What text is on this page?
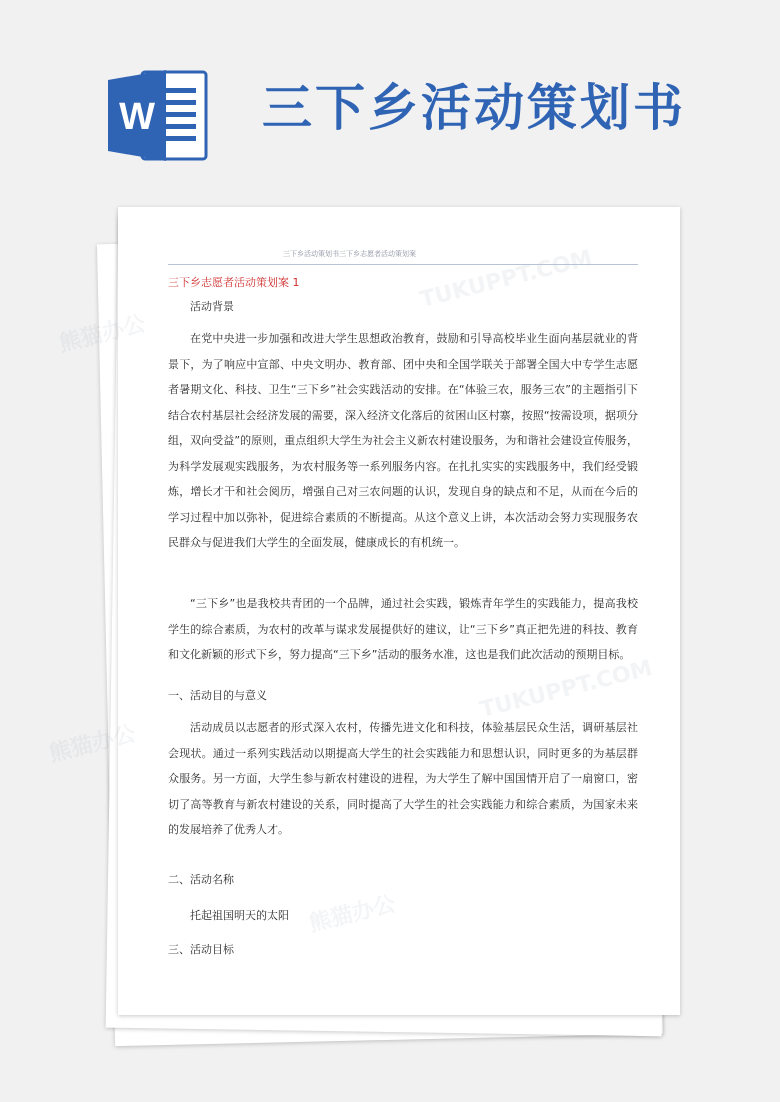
W 三下乡活动策划书
TUKUPPT.COM
熊猫办公
TUKUPPT.COM
熊猫办公
三下乡活动策划书三下乡志愿者活动策划案
三下乡志愿者活动策划案 1
活动背景

在党中央进一步加强和改进大学生思想政治教育，鼓励和引导高校毕业生面向基层就业的背景下，为了响应中宣部、中央文明办、教育部、团中央和全国学联关于部署全国大中专学生志愿者暑期文化、科技、卫生“三下乡”社会实践活动的安排。在“体验三农，服务三农”的主题指引下结合农村基层社会经济发展的需要，深入经济文化落后的贫困山区村寨，按照“按需设项，据项分组，双向受益”的原则，重点组织大学生为社会主义新农村建设服务，为和谐社会建设宣传服务，为科学发展观实践服务，为农村服务等一系列服务内容。在扎扎实实的实践服务中，我们经受锻炼，增长才干和社会阅历，增强自己对三农问题的认识，发现自身的缺点和不足，从而在今后的学习过程中加以弥补，促进综合素质的不断提高。从这个意义上讲，本次活动会努力实现服务农民群众与促进我们大学生的全面发展，健康成长的有机统一。

“三下乡”也是我校共青团的一个品牌，通过社会实践，锻炼青年学生的实践能力，提高我校学生的综合素质，为农村的改革与谋求发展提供好的建议，让“三下乡”真正把先进的科技、教育和文化新颖的形式下乡，努力提高“三下乡”活动的服务水准，这也是我们此次活动的预期目标。

一、活动目的与意义

活动成员以志愿者的形式深入农村，传播先进文化和科技，体验基层民众生活，调研基层社会现状。通过一系列实践活动以期提高大学生的社会实践能力和思想认识，同时更多的为基层群众服务。另一方面，大学生参与新农村建设的进程，为大学生了解中国国情开启了一扇窗口，密切了高等教育与新农村建设的关系，同时提高了大学生的社会实践能力和综合素质，为国家未来的发展培养了优秀人才。

二、活动名称
托起祖国明天的太阳
三、活动目标
